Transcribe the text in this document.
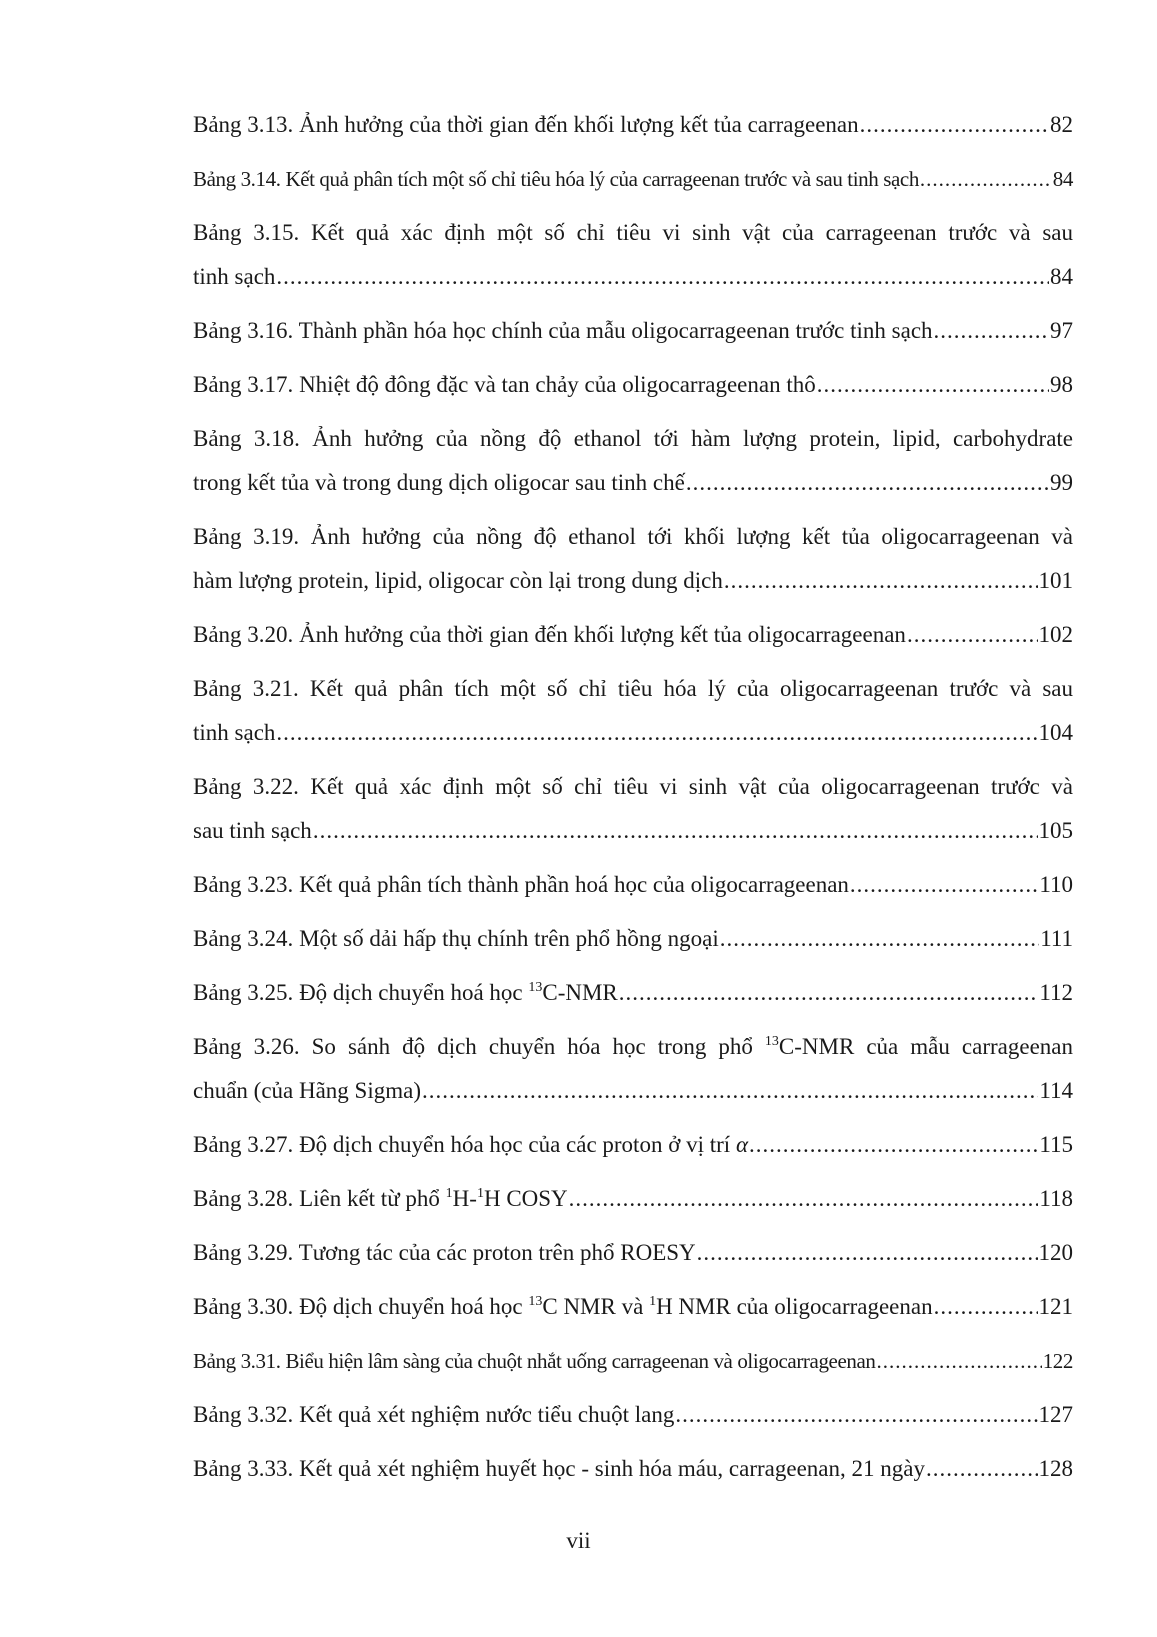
Bảng 3.13. Ảnh hưởng của thời gian đến khối lượng kết tủa carrageenan .....	82
Bảng 3.14. Kết quả phân tích một số chỉ tiêu hóa lý của carrageenan trước và sau tinh sạch .....	84
Bảng 3.15. Kết quả xác định một số chỉ tiêu vi sinh vật của carrageenan trước và sau
tinh sạch .....	84
Bảng 3.16. Thành phần hóa học chính của mẫu oligocarrageenan trước tinh sạch .....	97
Bảng 3.17. Nhiệt độ đông đặc và tan chảy của oligocarrageenan thô .....	98
Bảng 3.18. Ảnh hưởng của nồng độ ethanol tới hàm lượng protein, lipid, carbohydrate
trong kết tủa và trong dung dịch oligocar sau tinh chế .....	99
Bảng 3.19. Ảnh hưởng của nồng độ ethanol tới khối lượng kết tủa oligocarrageenan và
hàm lượng protein, lipid, oligocar còn lại trong dung dịch .....	101
Bảng 3.20. Ảnh hưởng của thời gian đến khối lượng kết tủa oligocarrageenan .....	102
Bảng 3.21. Kết quả phân tích một số chỉ tiêu hóa lý của oligocarrageenan trước và sau
tinh sạch .....	104
Bảng 3.22. Kết quả xác định một số chỉ tiêu vi sinh vật của oligocarrageenan trước và
sau tinh sạch .....	105
Bảng 3.23. Kết quả phân tích thành phần hoá học của oligocarrageenan .....	110
Bảng 3.24. Một số dải hấp thụ chính trên phổ hồng ngoại .....	111
Bảng 3.25. Độ dịch chuyển hoá học $^{13}$C-NMR .....	112
Bảng 3.26. So sánh độ dịch chuyển hóa học trong phổ $^{13}$C-NMR của mẫu carrageenan
chuẩn (của Hãng Sigma) .....	114
Bảng 3.27. Độ dịch chuyển hóa học của các proton ở vị trí α .....	115
Bảng 3.28. Liên kết từ phổ $^1$H-$^1$H COSY .....	118
Bảng 3.29. Tương tác của các proton trên phổ ROESY .....	120
Bảng 3.30. Độ dịch chuyển hoá học $^{13}$C NMR và $^1$H NMR của oligocarrageenan .....	121
Bảng 3.31. Biểu hiện lâm sàng của chuột nhắt uống carrageenan và oligocarrageenan .....	122
Bảng 3.32. Kết quả xét nghiệm nước tiểu chuột lang .....	127
Bảng 3.33. Kết quả xét nghiệm huyết học - sinh hóa máu, carrageenan, 21 ngày .....	128
vii
